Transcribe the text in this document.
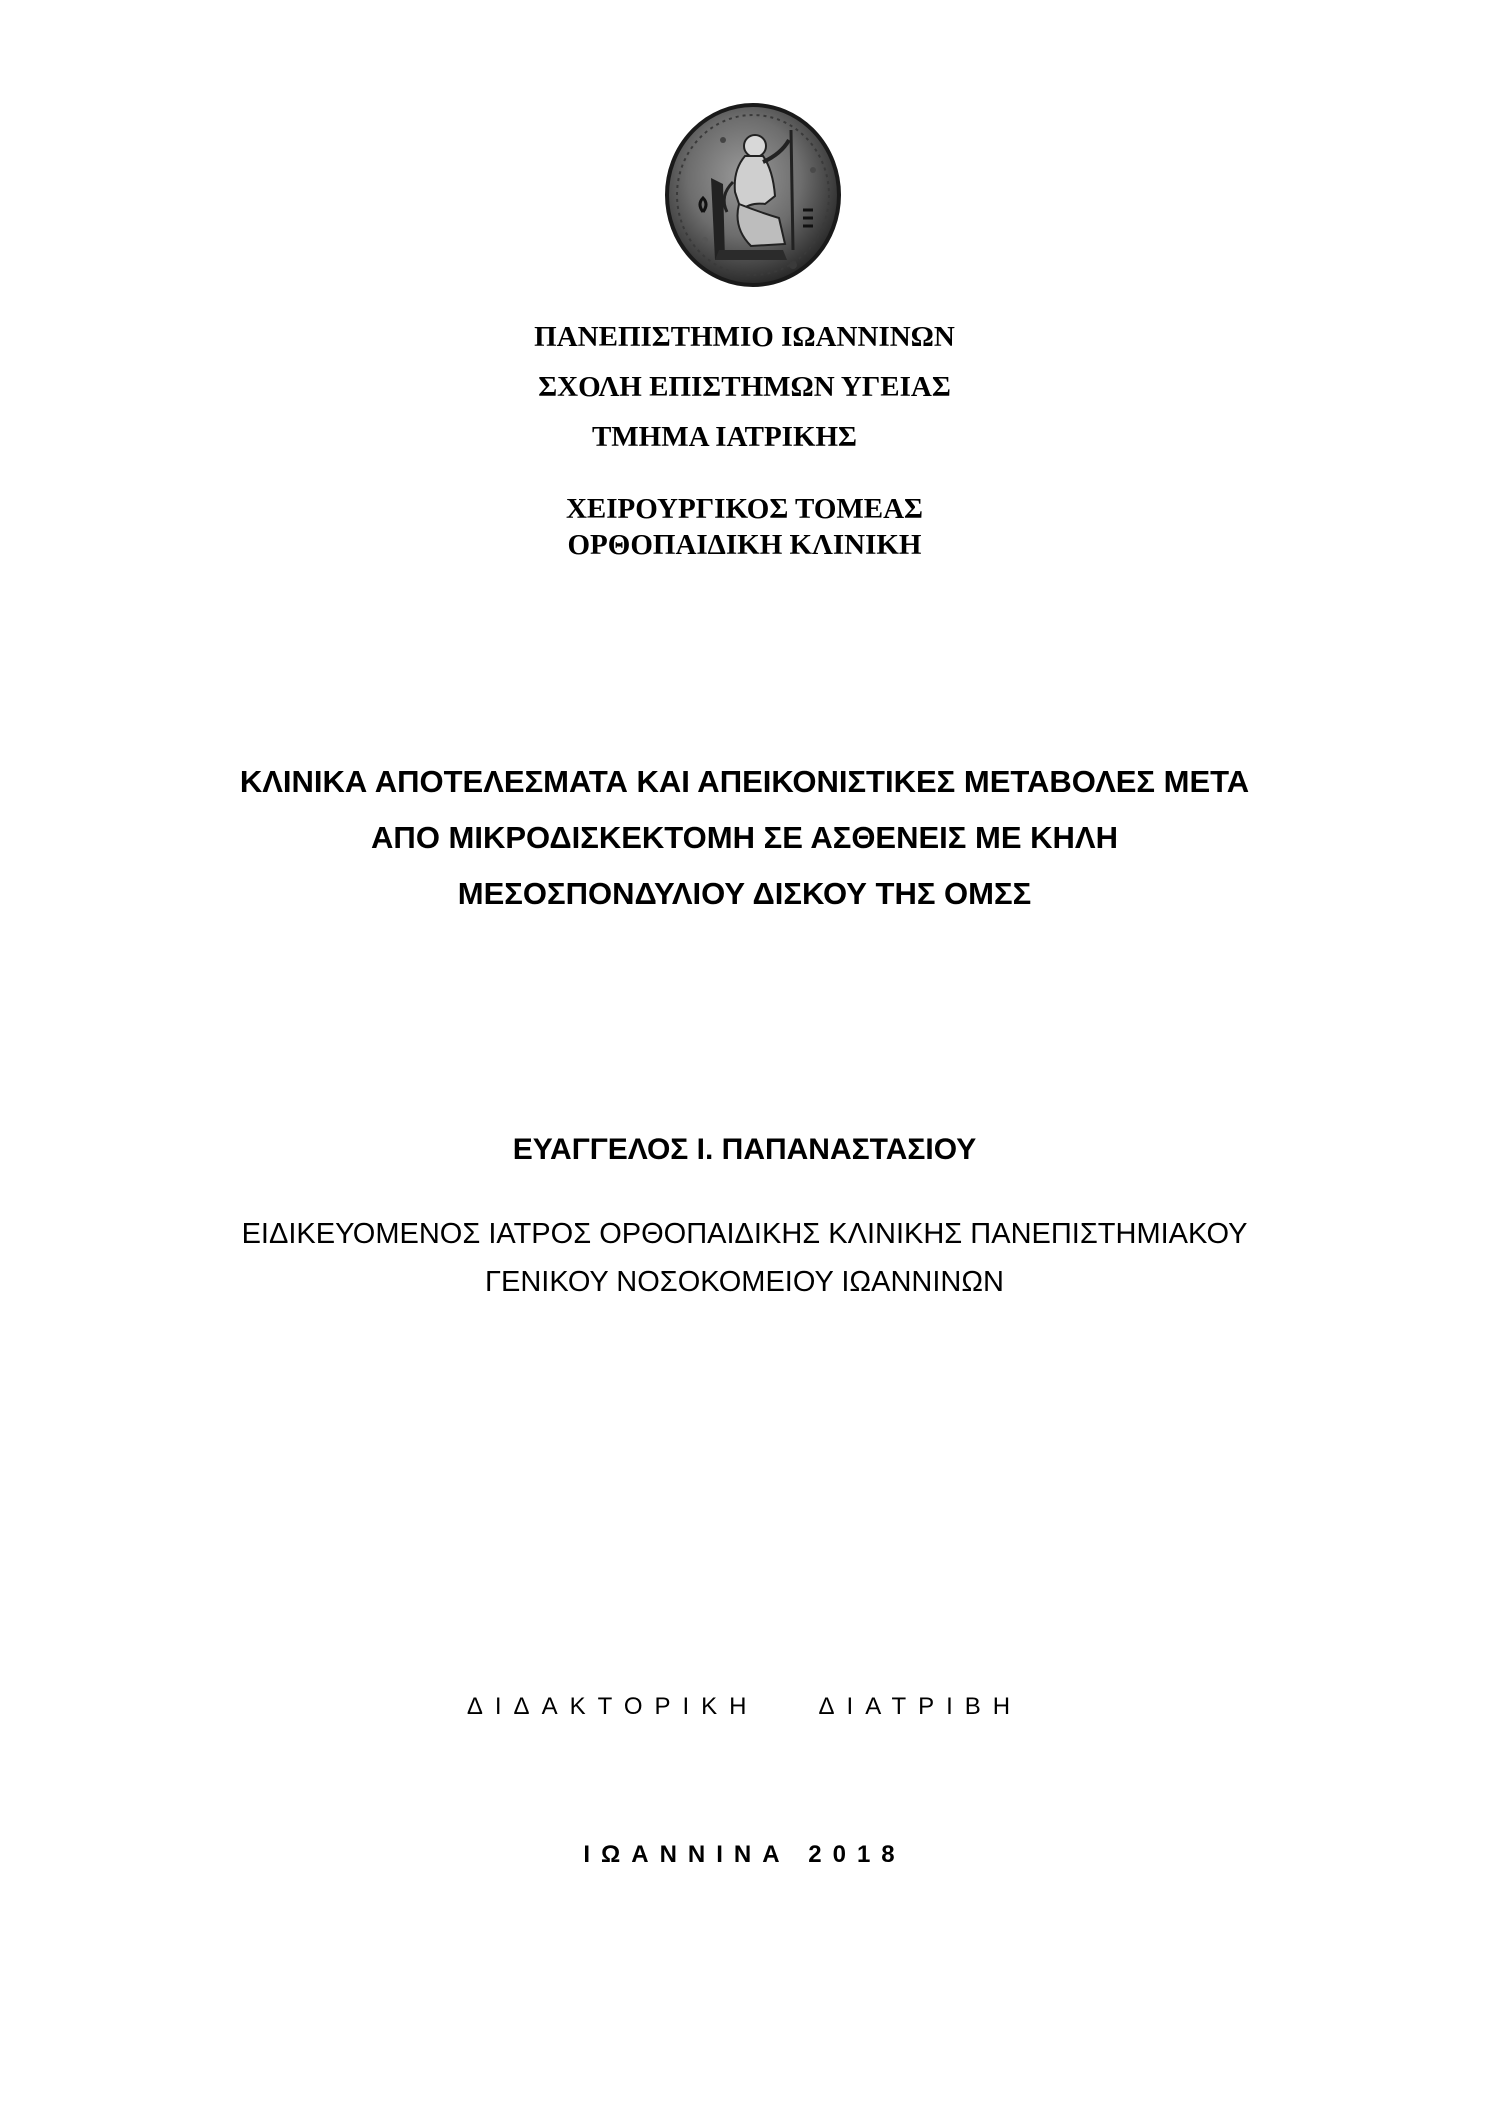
ΠΑΝΕΠΙΣΤΗΜΙΟ ΙΩΑΝΝΙΝΩΝ
ΣΧΟΛΗ ΕΠΙΣΤΗΜΩΝ ΥΓΕΙΑΣ
ΤΜΗΜΑ ΙΑΤΡΙΚΗΣ
ΧΕΙΡΟΥΡΓΙΚΟΣ ΤΟΜΕΑΣ
ΟΡΘΟΠΑΙΔΙΚΗ ΚΛΙΝΙΚΗ
ΚΛΙΝΙΚΑ ΑΠΟΤΕΛΕΣΜΑΤΑ ΚΑΙ ΑΠΕΙΚΟΝΙΣΤΙΚΕΣ ΜΕΤΑΒΟΛΕΣ ΜΕΤΑ
ΑΠΟ ΜΙΚΡΟΔΙΣΚΕΚΤΟΜΗ ΣΕ ΑΣΘΕΝΕΙΣ ΜΕ ΚΗΛΗ
ΜΕΣΟΣΠΟΝΔΥΛΙΟΥ ΔΙΣΚΟΥ ΤΗΣ ΟΜΣΣ
ΕΥΑΓΓΕΛΟΣ Ι. ΠΑΠΑΝΑΣΤΑΣΙΟΥ
ΕΙΔΙΚΕΥΟΜΕΝΟΣ ΙΑΤΡΟΣ ΟΡΘΟΠΑΙΔΙΚΗΣ ΚΛΙΝΙΚΗΣ ΠΑΝΕΠΙΣΤΗΜΙΑΚΟΥ
ΓΕΝΙΚΟΥ ΝΟΣΟΚΟΜΕΙΟΥ ΙΩΑΝΝΙΝΩΝ
ΔΙΔΑΚΤΟΡΙΚΗ	ΔΙΑΤΡΙΒΗ
ΙΩΑΝΝΙΝΑ 2018
